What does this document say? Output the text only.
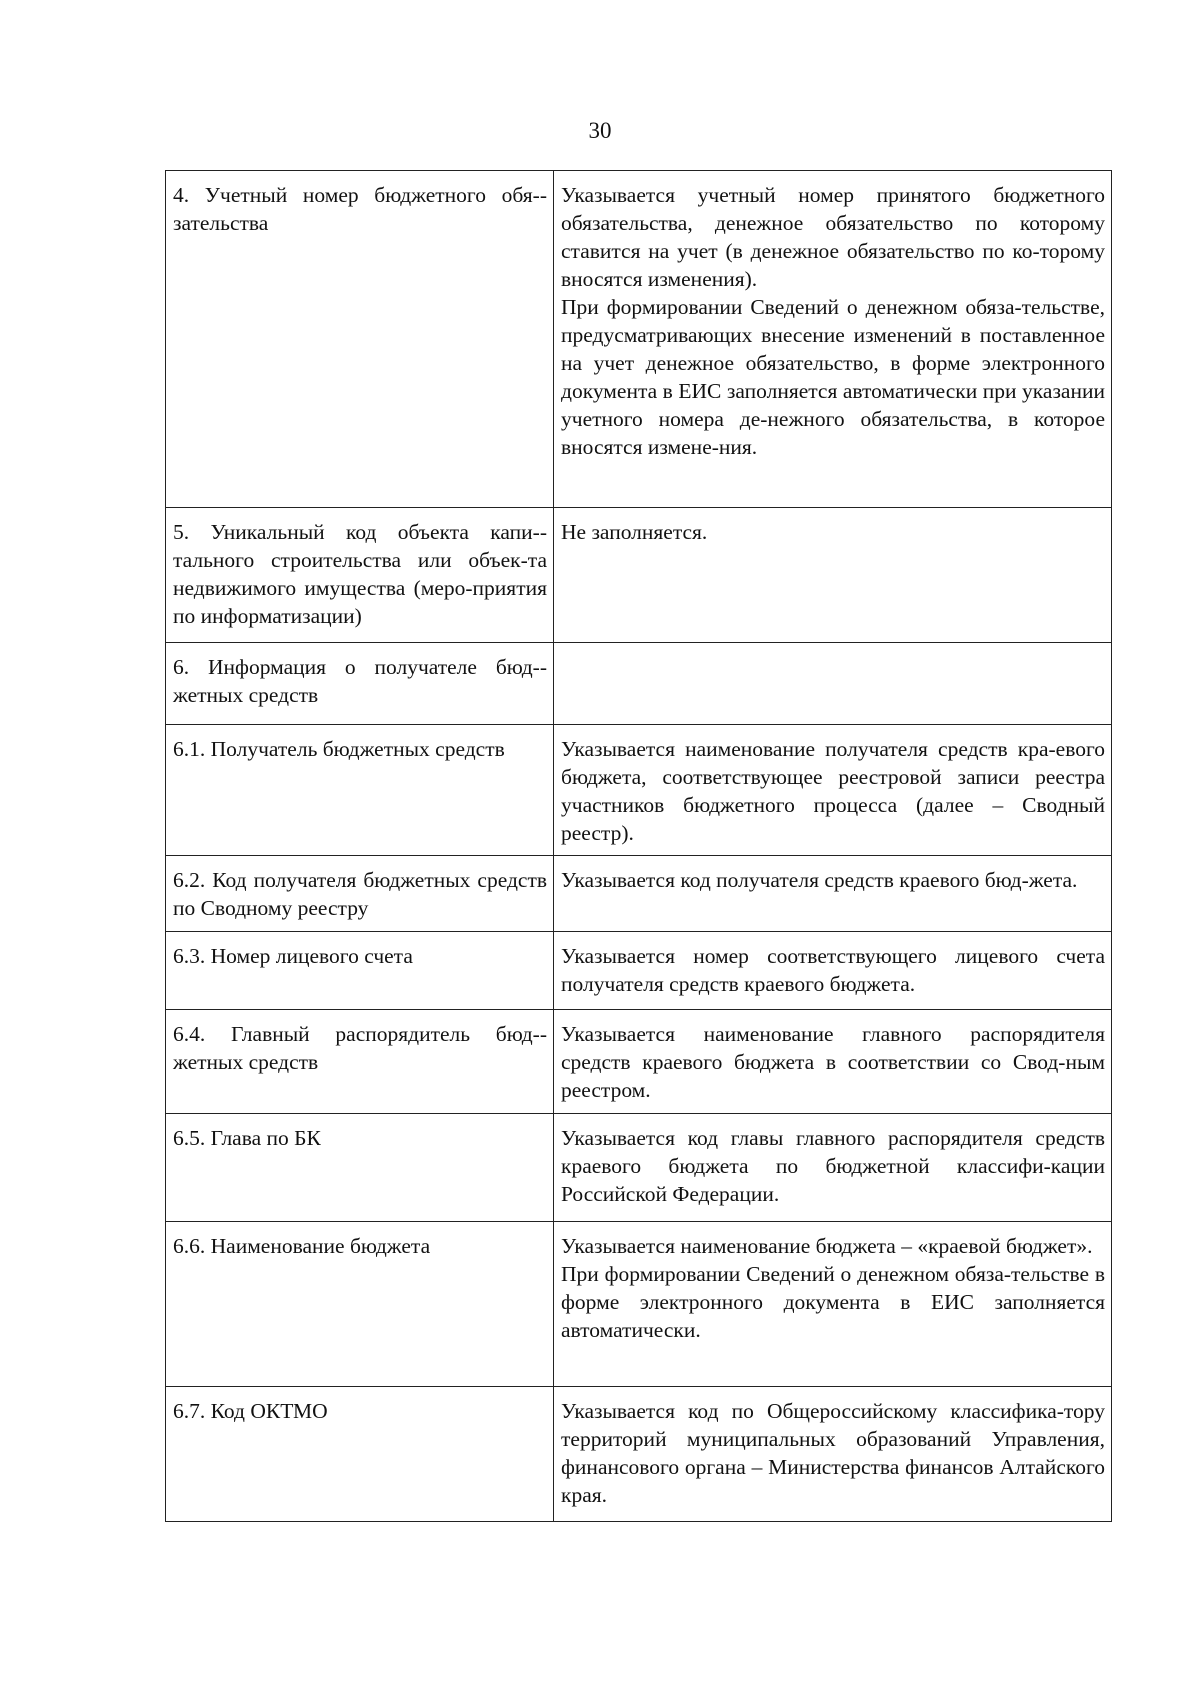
30

4. Учетный номер бюджетного обя-зательства	Указывается учетный номер принятого бюджетного обязательства, денежное обязательство по которому ставится на учет (в денежное обязательство по ко-торому вносятся изменения).

При формировании Сведений о денежном обяза-тельстве, предусматривающих внесение изменений в поставленное на учет денежное обязательство, в форме электронного документа в ЕИС заполняется автоматически при указании учетного номера де-нежного обязательства, в которое вносятся измене-ния.

5. Уникальный код объекта капи-тального строительства или объек-та недвижимого имущества (меро-приятия по информатизации)	Не заполняется.

6. Информация о получателе бюд-жетных средств	

6.1. Получатель бюджетных средств	Указывается наименование получателя средств кра-евого бюджета, соответствующее реестровой записи реестра участников бюджетного процесса (далее – Сводный реестр).

6.2. Код получателя бюджетных средств по Сводному реестру	Указывается код получателя средств краевого бюд-жета.

6.3. Номер лицевого счета	Указывается номер соответствующего лицевого счета получателя средств краевого бюджета.

6.4. Главный распорядитель бюд-жетных средств	Указывается наименование главного распорядителя средств краевого бюджета в соответствии со Свод-ным реестром.

6.5. Глава по БК	Указывается код главы главного распорядителя средств краевого бюджета по бюджетной классифи-кации Российской Федерации.

6.6. Наименование бюджета	Указывается наименование бюджета – «краевой бюджет».

При формировании Сведений о денежном обяза-тельстве в форме электронного документа в ЕИС заполняется автоматически.

6.7. Код ОКТМО	Указывается код по Общероссийскому классифика-тору территорий муниципальных образований Управления, финансового органа – Министерства финансов Алтайского края.
